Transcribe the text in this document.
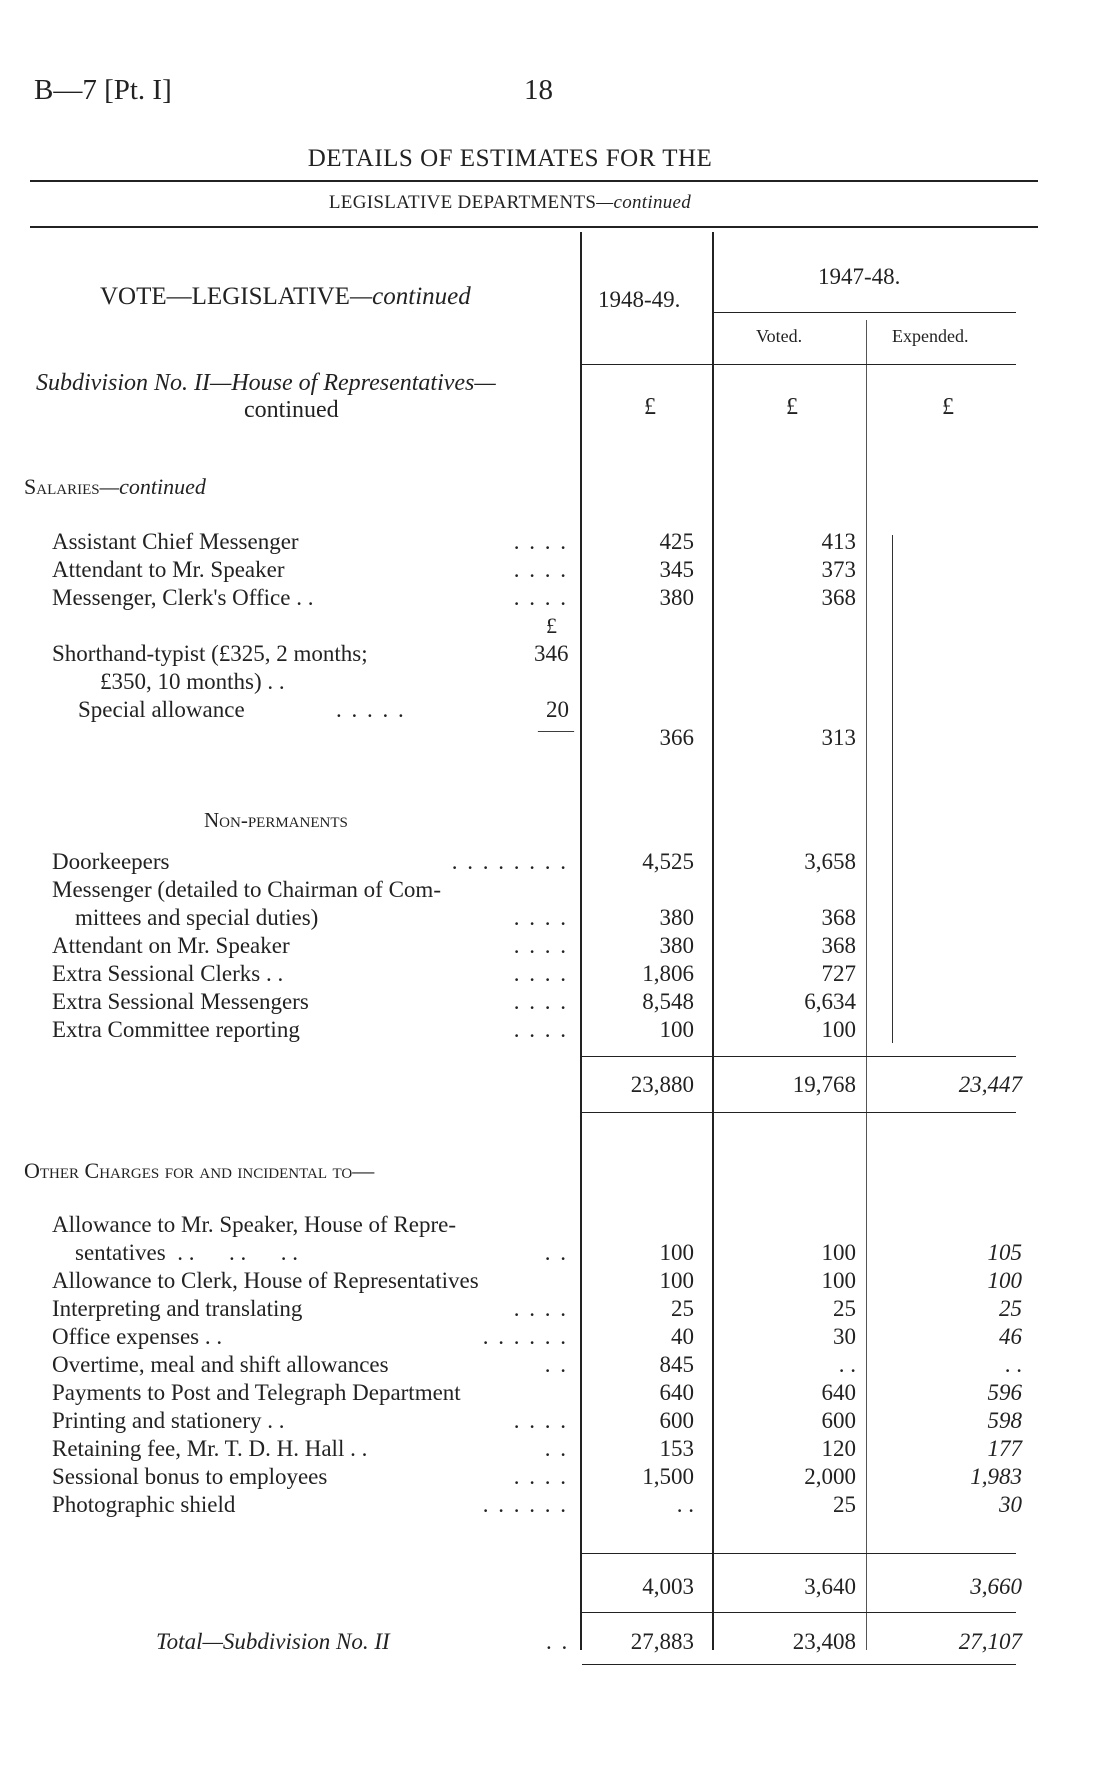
B—7 [Pt. I]	18
DETAILS OF ESTIMATES FOR THE
LEGISLATIVE DEPARTMENTS—continued
VOTE—LEGISLATIVE—continued	1948-49.
1947-48.
Voted.	Expended.
Subdivision No. II—House of Representatives—
continued	£	£	£
Salaries—continued
Assistant Chief Messenger	. . . .	425	413
Attendant to Mr. Speaker	. . . .	345	373
Messenger, Clerk's Office . .	. . . .	380	368
£
Shorthand-typist (£325, 2 months;	346
£350, 10 months) . .
Special allowance	. . . . .	20
——	366	313
Non-permanents
Doorkeepers	. . . . . . . .	4,525	3,658
Messenger (detailed to Chairman of Com-
mittees and special duties)	. . . .	380	368
Attendant on Mr. Speaker	. . . .	380	368
Extra Sessional Clerks . .	. . . .	1,806	727
Extra Sessional Messengers	. . . .	8,548	6,634
Extra Committee reporting	. . . .	100	100
23,880	19,768	23,447
Other Charges for and incidental to—
Allowance to Mr. Speaker, House of Repre-
sentatives  . .      . .      . .	. .	100	100	105
Allowance to Clerk, House of Representatives	100	100	100
Interpreting and translating	. . . .	25	25	25
Office expenses . .	. . . . . .	40	30	46
Overtime, meal and shift allowances	. .	845	. .	. .
Payments to Post and Telegraph Department	640	640	596
Printing and stationery . .	. . . .	600	600	598
Retaining fee, Mr. T. D. H. Hall . .	. .	153	120	177
Sessional bonus to employees	. . . .	1,500	2,000	1,983
Photographic shield	. . . . . .	. .	25	30
4,003	3,640	3,660
Total—Subdivision No. II	. .	27,883	23,408	27,107
